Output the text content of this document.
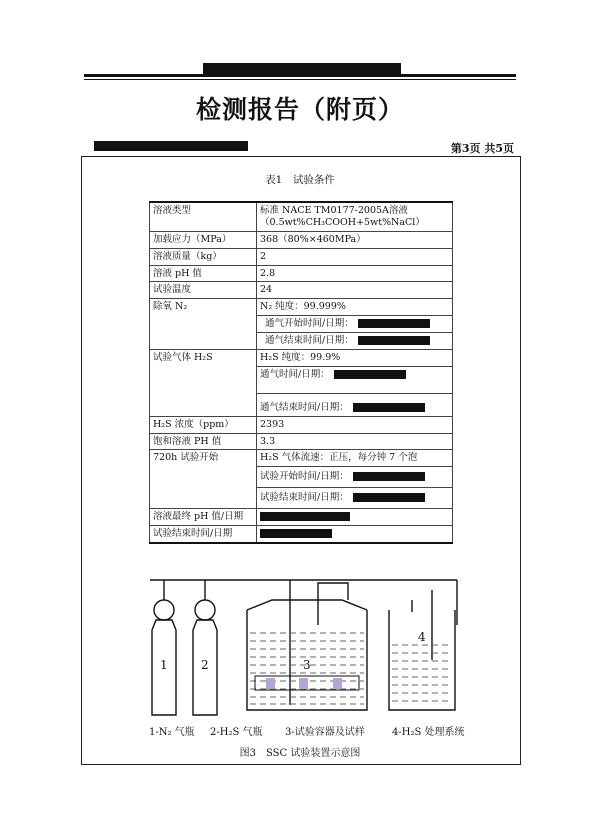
检测报告（附页）
第3页 共5页
表1　试验条件
溶液类型	标准 NACE TM0177-2005A溶液
（0.5wt%CH₃COOH+5wt%NaCl）
加载应力（MPa）	368（80%×460MPa）
溶液质量（kg）	2
溶液 pH 值	2.8
试验温度	24
除氧 N₂	N₂ 纯度：99.999%
	通气开始时间/日期：
	通气结束时间/日期：
试验气体 H₂S	H₂S 纯度：99.9%
	通气时间/日期：
	通气结束时间/日期：
H₂S 浓度（ppm）	2393
饱和溶液 PH 值	3.3
720h 试验开始	H₂S 气体流速：正压，每分钟 7 个泡
	试验开始时间/日期：
	试验结束时间/日期：
溶液最终 pH 值/日期	
试验结束时间/日期	
1	2	3
4
1-N₂ 气瓶 2-H₂S 气瓶 3-试验容器及试样	4-H₂S 处理系统
图3　SSC 试验装置示意图
